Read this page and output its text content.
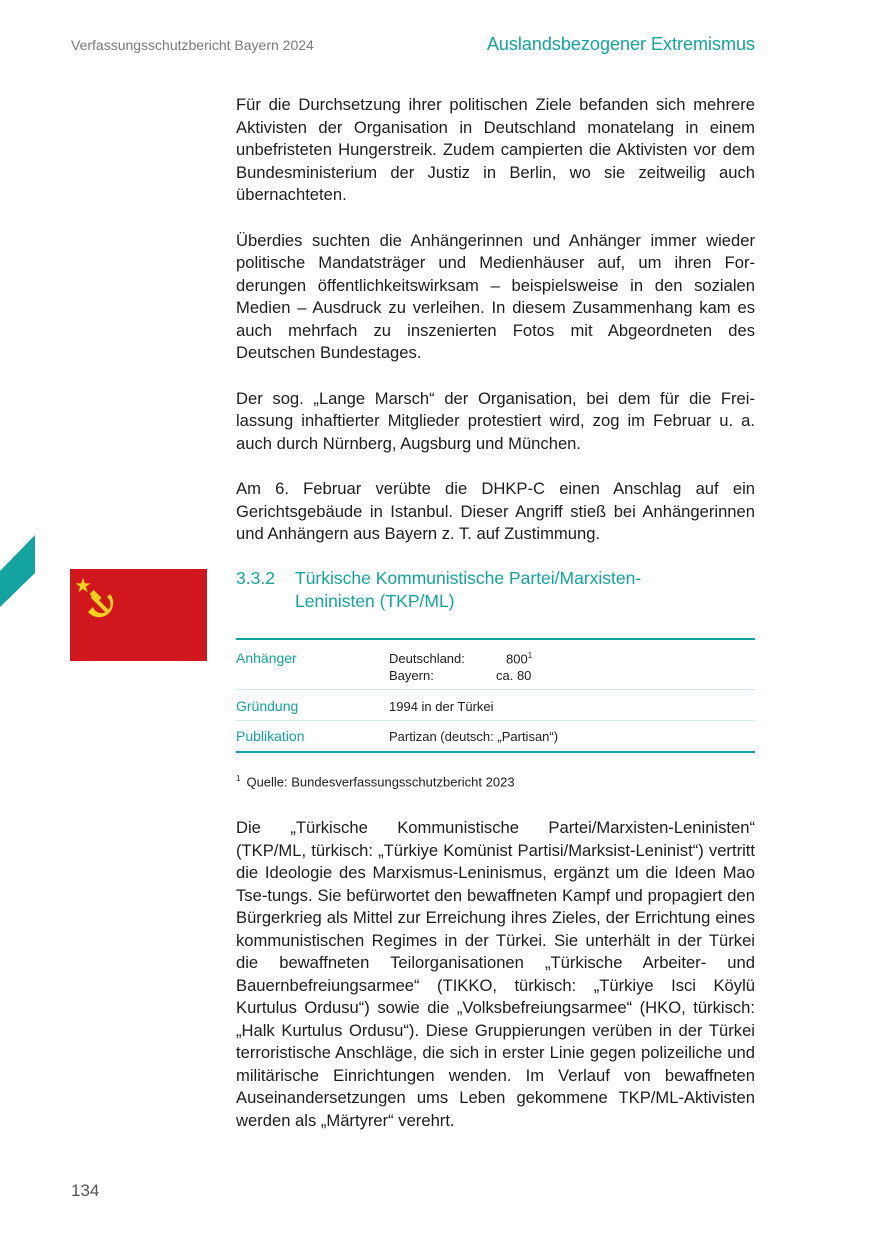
Verfassungsschutzbericht Bayern 2024	Auslandsbezogener Extremismus

Für die Durchsetzung ihrer politischen Ziele befanden sich mehrere Aktivisten der Organisation in Deutschland monatelang in einem unbefristeten Hungerstreik. Zudem campierten die Aktivisten vor dem Bundesministerium der Justiz in Berlin, wo sie zeitweilig auch übernachteten.

Überdies suchten die Anhängerinnen und Anhänger immer wieder politische Mandatsträger und Medienhäuser auf, um ihren Forderungen öffentlichkeitswirksam – beispielsweise in den sozialen Medien – Ausdruck zu verleihen. In diesem Zusammenhang kam es auch mehrfach zu inszenierten Fotos mit Abgeordneten des Deutschen Bundestages.

Der sog. „Lange Marsch“ der Organisation, bei dem für die Freilassung inhaftierter Mitglieder protestiert wird, zog im Februar u. a. auch durch Nürnberg, Augsburg und München.

Am 6. Februar verübte die DHKP-C einen Anschlag auf ein Gerichtsgebäude in Istanbul. Dieser Angriff stieß bei Anhängerinnen und Anhängern aus Bayern z. T. auf Zustimmung.

3.3.2 Türkische Kommunistische Partei/Marxisten-Leninisten (TKP/ML)
Anhänger	Deutschland:	$800^1$
Bayern:	ca. 80
Gründung	1994 in der Türkei
Publikation	Partizan (deutsch: „Partisan“)
$^1$ Quelle: Bundesverfassungsschutzbericht 2023

Die „Türkische Kommunistische Partei/Marxisten-Leninisten“ (TKP/ML, türkisch: „Türkiye Komünist Partisi/Marksist-Leninist“) vertritt die Ideologie des Marxismus-Leninismus, ergänzt um die Ideen Mao Tse-tungs. Sie befürwortet den bewaffneten Kampf und propagiert den Bürgerkrieg als Mittel zur Erreichung ihres Zieles, der Errichtung eines kommunistischen Regimes in der Türkei. Sie unterhält in der Türkei die bewaffneten Teilorganisationen „Türkische Arbeiter- und Bauernbefreiungsarmee“ (TIKKO, türkisch: „Türkiye Isci Köylü Kurtulus Ordusu“) sowie die „Volksbefreiungsarmee“ (HKO, türkisch: „Halk Kurtulus Ordusu“). Diese Gruppierungen verüben in der Türkei terroristische Anschläge, die sich in erster Linie gegen polizeiliche und militärische Einrichtungen wenden. Im Verlauf von bewaffneten Auseinandersetzungen ums Leben gekommene TKP/ML-Aktivisten werden als „Märtyrer“ verehrt.

134
